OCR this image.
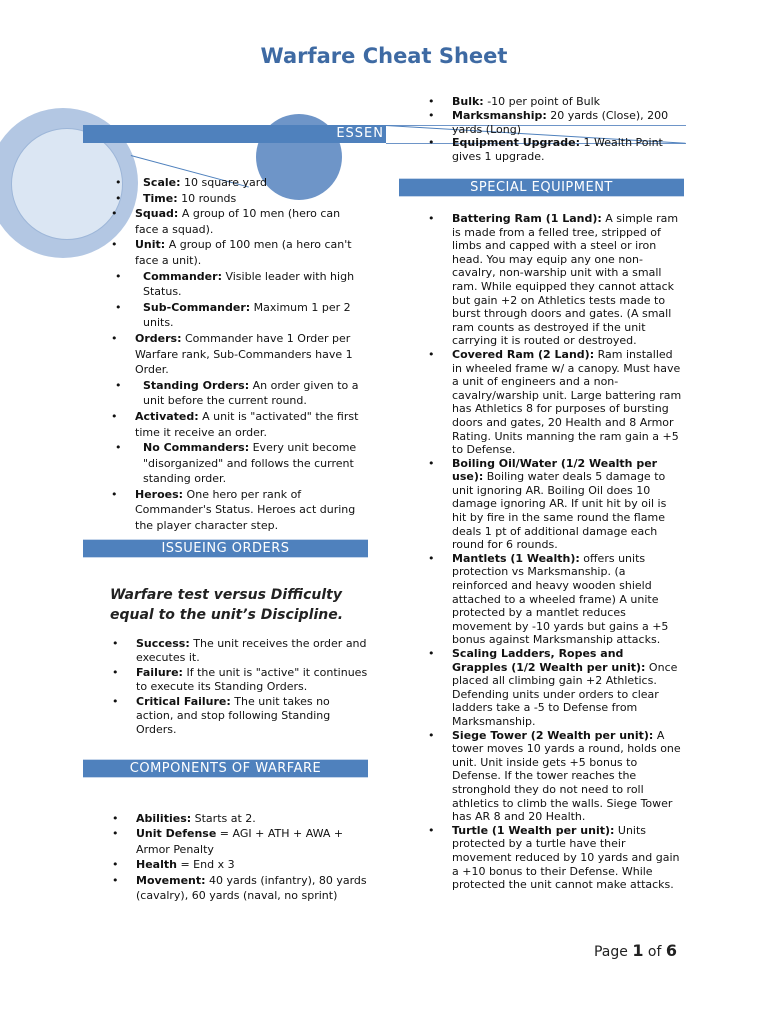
Warfare Cheat Sheet
ESSEN
• Scale: 10 square yard
• Time: 10 rounds
• Squad: A group of 10 men (hero can face a squad).
• Unit: A group of 100 men (a hero can't face a unit).
• Commander: Visible leader with high Status.
• Sub-Commander: Maximum 1 per 2 units.
• Orders: Commander have 1 Order per Warfare rank, Sub-Commanders have 1 Order.
• Standing Orders: An order given to a unit before the current round.
• Activated: A unit is "activated" the first time it receive an order.
• No Commanders: Every unit become "disorganized" and follows the current standing order.
• Heroes: One hero per rank of Commander's Status. Heroes act during the player character step.
ISSUEING ORDERS
Warfare test versus Difficulty equal to the unit’s Discipline.
• Success: The unit receives the order and executes it.
• Failure: If the unit is "active" it continues to execute its Standing Orders.
• Critical Failure: The unit takes no action, and stop following Standing Orders.
COMPONENTS OF WARFARE
• Abilities: Starts at 2.
• Unit Defense = AGI + ATH + AWA + Armor Penalty
• Health = End x 3
• Movement: 40 yards (infantry), 80 yards (cavalry), 60 yards (naval, no sprint)
• Bulk: -10 per point of Bulk
• Marksmanship: 20 yards (Close), 200 yards (Long)
• Equipment Upgrade: 1 Wealth Point gives 1 upgrade.
SPECIAL EQUIPMENT
• Battering Ram (1 Land): A simple ram is made from a felled tree, stripped of limbs and capped with a steel or iron head. You may equip any one non-cavalry, non-warship unit with a small ram. While equipped they cannot attack but gain +2 on Athletics tests made to burst through doors and gates. (A small ram counts as destroyed if the unit carrying it is routed or destroyed.
• Covered Ram (2 Land): Ram installed in wheeled frame w/ a canopy. Must have a unit of engineers and a non-cavalry/warship unit. Large battering ram has Athletics 8 for purposes of bursting doors and gates, 20 Health and 8 Armor Rating. Units manning the ram gain a +5 to Defense.
• Boiling Oil/Water (1/2 Wealth per use): Boiling water deals 5 damage to unit ignoring AR. Boiling Oil does 10 damage ignoring AR. If unit hit by oil is hit by fire in the same round the flame deals 1 pt of additional damage each round for 6 rounds.
• Mantlets (1 Wealth): offers units protection vs Marksmanship. (a reinforced and heavy wooden shield attached to a wheeled frame) A unite protected by a mantlet reduces movement by -10 yards but gains a +5 bonus against Marksmanship attacks.
• Scaling Ladders, Ropes and Grapples (1/2 Wealth per unit): Once placed all climbing gain +2 Athletics. Defending units under orders to clear ladders take a -5 to Defense from Marksmanship.
• Siege Tower (2 Wealth per unit): A tower moves 10 yards a round, holds one unit. Unit inside gets +5 bonus to Defense. If the tower reaches the stronghold they do not need to roll athletics to climb the walls. Siege Tower has AR 8 and 20 Health.
• Turtle (1 Wealth per unit): Units protected by a turtle have their movement reduced by 10 yards and gain a +10 bonus to their Defense. While protected the unit cannot make attacks.
Page 1 of 6
